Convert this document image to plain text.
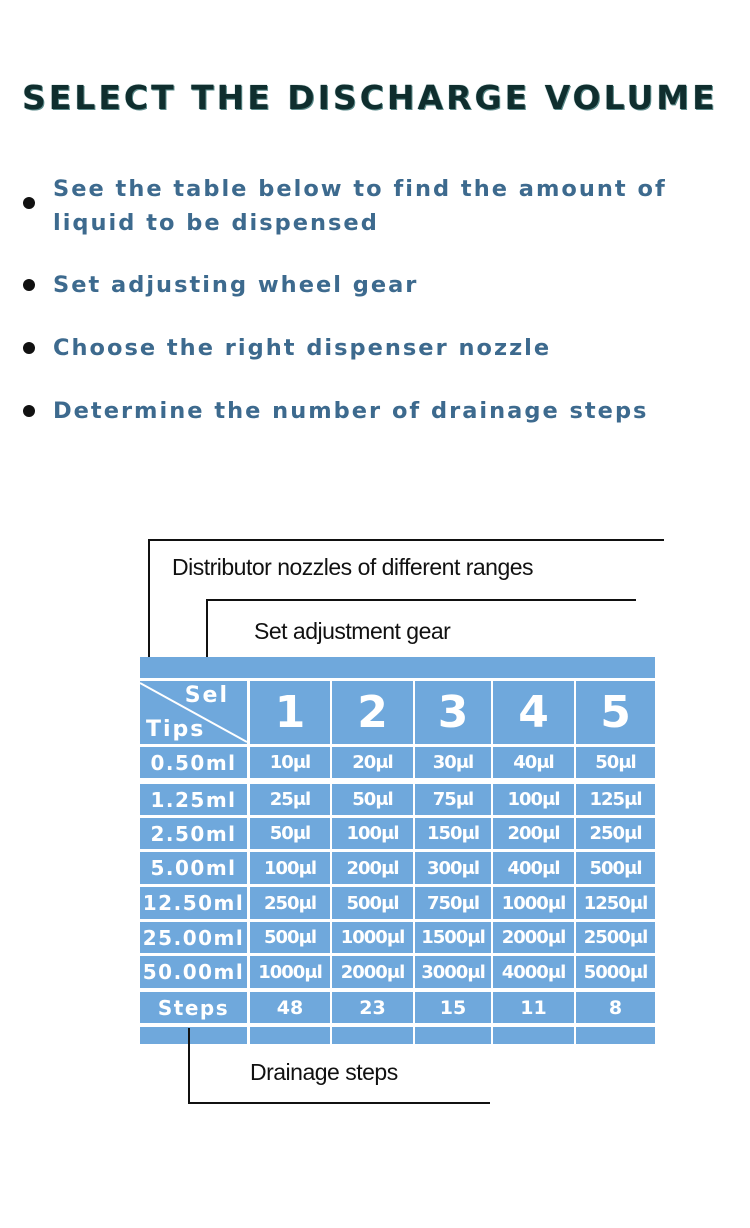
SELECT THE DISCHARGE VOLUME
See the table below to find the amount of liquid to be dispensed
Set adjusting wheel gear
Choose the right dispenser nozzle
Determine the number of drainage steps
Distributor nozzles of different ranges
Set adjustment gear
Sel
Tips	1	2	3	4	5
0.50ml	10μl	20μl	30μl	40μl	50μl
1.25ml	25μl	50μl	75μl	100μl	125μl
2.50ml	50μl	100μl	150μl	200μl	250μl
5.00ml	100μl	200μl	300μl	400μl	500μl
12.50ml	250μl	500μl	750μl	1000μl	1250μl
25.00ml	500μl	1000μl 1500μl 2000μl	2500μl
50.00ml 1000μl	2000μl 3000μl 4000μl	5000μl
Steps	48	23	15	11	8
Drainage steps
